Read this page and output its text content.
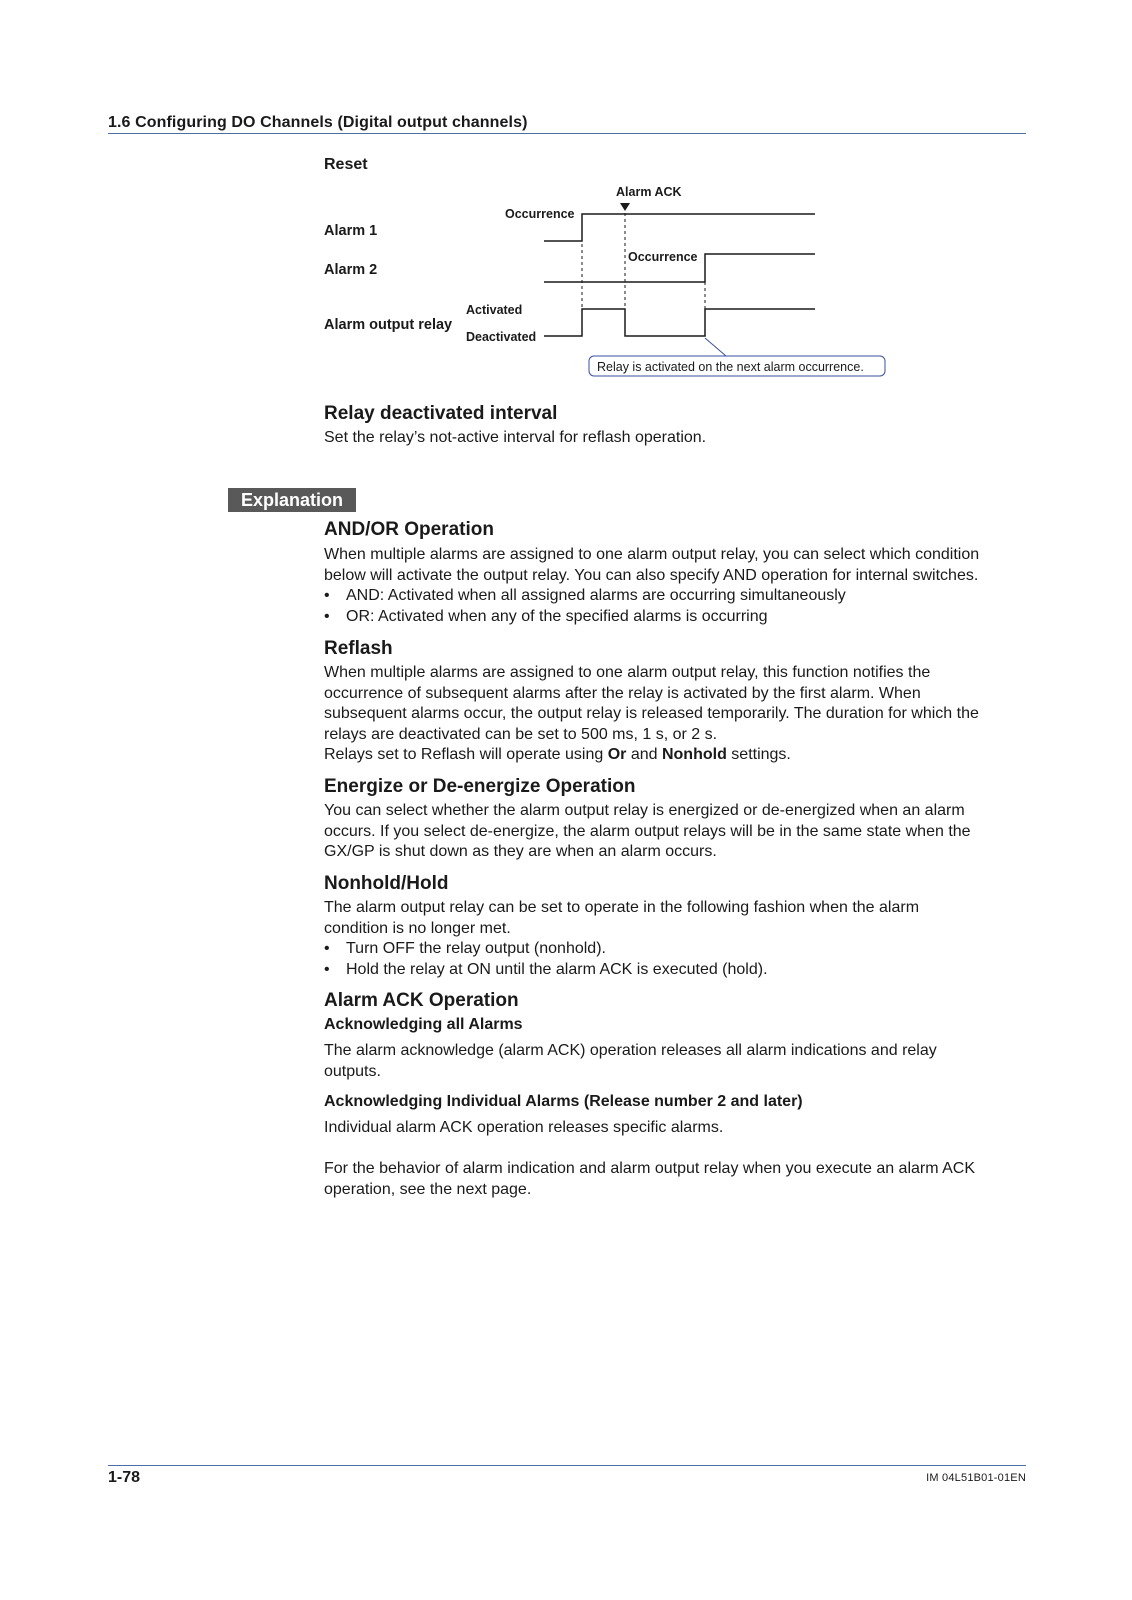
1.6 Configuring DO Channels (Digital output channels)
Reset
Alarm ACK
Occurrence
Occurrence
Alarm 1
Alarm 2
Activated
Deactivated
Alarm output relay
Relay is activated on the next alarm occurrence.
Relay deactivated interval
Set the relay’s not-active interval for reflash operation.
Explanation
AND/OR Operation
When multiple alarms are assigned to one alarm output relay, you can select which condition
below will activate the output relay. You can also specify AND operation for internal switches.
• AND: Activated when all assigned alarms are occurring simultaneously
• OR: Activated when any of the specified alarms is occurring
Reflash
When multiple alarms are assigned to one alarm output relay, this function notifies the
occurrence of subsequent alarms after the relay is activated by the first alarm. When
subsequent alarms occur, the output relay is released temporarily. The duration for which the
relays are deactivated can be set to 500 ms, 1 s, or 2 s.
Relays set to Reflash will operate using Or and Nonhold settings.
Energize or De-energize Operation
You can select whether the alarm output relay is energized or de-energized when an alarm
occurs. If you select de-energize, the alarm output relays will be in the same state when the
GX/GP is shut down as they are when an alarm occurs.
Nonhold/Hold
The alarm output relay can be set to operate in the following fashion when the alarm
condition is no longer met.
• Turn OFF the relay output (nonhold).
• Hold the relay at ON until the alarm ACK is executed (hold).
Alarm ACK Operation
Acknowledging all Alarms
The alarm acknowledge (alarm ACK) operation releases all alarm indications and relay
outputs.
Acknowledging Individual Alarms (Release number 2 and later)
Individual alarm ACK operation releases specific alarms.
For the behavior of alarm indication and alarm output relay when you execute an alarm ACK
operation, see the next page.
1-78	IM 04L51B01-01EN
